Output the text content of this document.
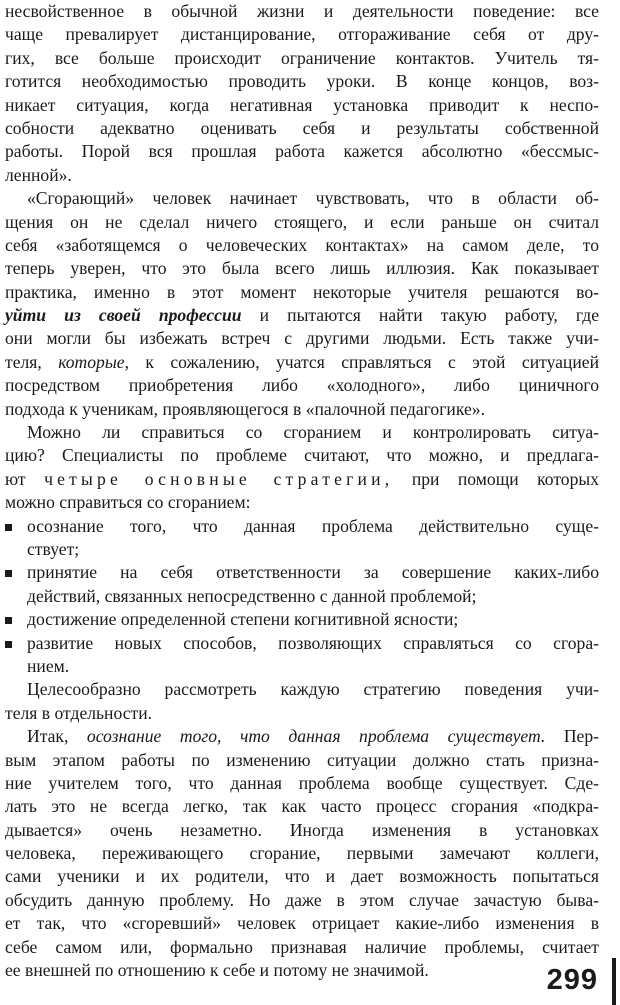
несвойственное в обычной жизни и деятельности поведение: все
чаще превалирует дистанцирование, отгораживание себя от дру-
гих, все больше происходит ограничение контактов. Учитель тя-
готится необходимостью проводить уроки. В конце концов, воз-
никает ситуация, когда негативная установка приводит к неспо-
собности адекватно оценивать себя и результаты собственной
работы. Порой вся прошлая работа кажется абсолютно «бессмыс-
ленной».
«Сгорающий» человек начинает чувствовать, что в области об-
щения он не сделал ничего стоящего, и если раньше он считал
себя «заботящемся о человеческих контактах» на самом деле, то
теперь уверен, что это была всего лишь иллюзия. Как показывает
практика, именно в этот момент некоторые учителя решаются во-
уйти из своей профессии и пытаются найти такую работу, где
они могли бы избежать встреч с другими людьми. Есть также учи-
теля, которые, к сожалению, учатся справляться с этой ситуацией
посредством приобретения либо «холодного», либо циничного
подхода к ученикам, проявляющегося в «палочной педагогике».
Можно ли справиться со сгоранием и контролировать ситуа-
цию? Специалисты по проблеме считают, что можно, и предлага-
ют четыре основные стратегии, при помощи которых
можно справиться со сгоранием:
осознание того, что данная проблема действительно суще-
ствует;
принятие на себя ответственности за совершение каких-либо
действий, связанных непосредственно с данной проблемой;
достижение определенной степени когнитивной ясности;
развитие новых способов, позволяющих справляться со сгора-
нием.
Целесообразно рассмотреть каждую стратегию поведения учи-
теля в отдельности.
Итак, осознание того, что данная проблема существует. Пер-
вым этапом работы по изменению ситуации должно стать призна-
ние учителем того, что данная проблема вообще существует. Сде-
лать это не всегда легко, так как часто процесс сгорания «подкра-
дывается» очень незаметно. Иногда изменения в установках
человека, переживающего сгорание, первыми замечают коллеги,
сами ученики и их родители, что и дает возможность попытаться
обсудить данную проблему. Но даже в этом случае зачастую быва-
ет так, что «сгоревший» человек отрицает какие-либо изменения в
себе самом или, формально признавая наличие проблемы, считает
ее внешней по отношению к себе и потому не значимой.	299
